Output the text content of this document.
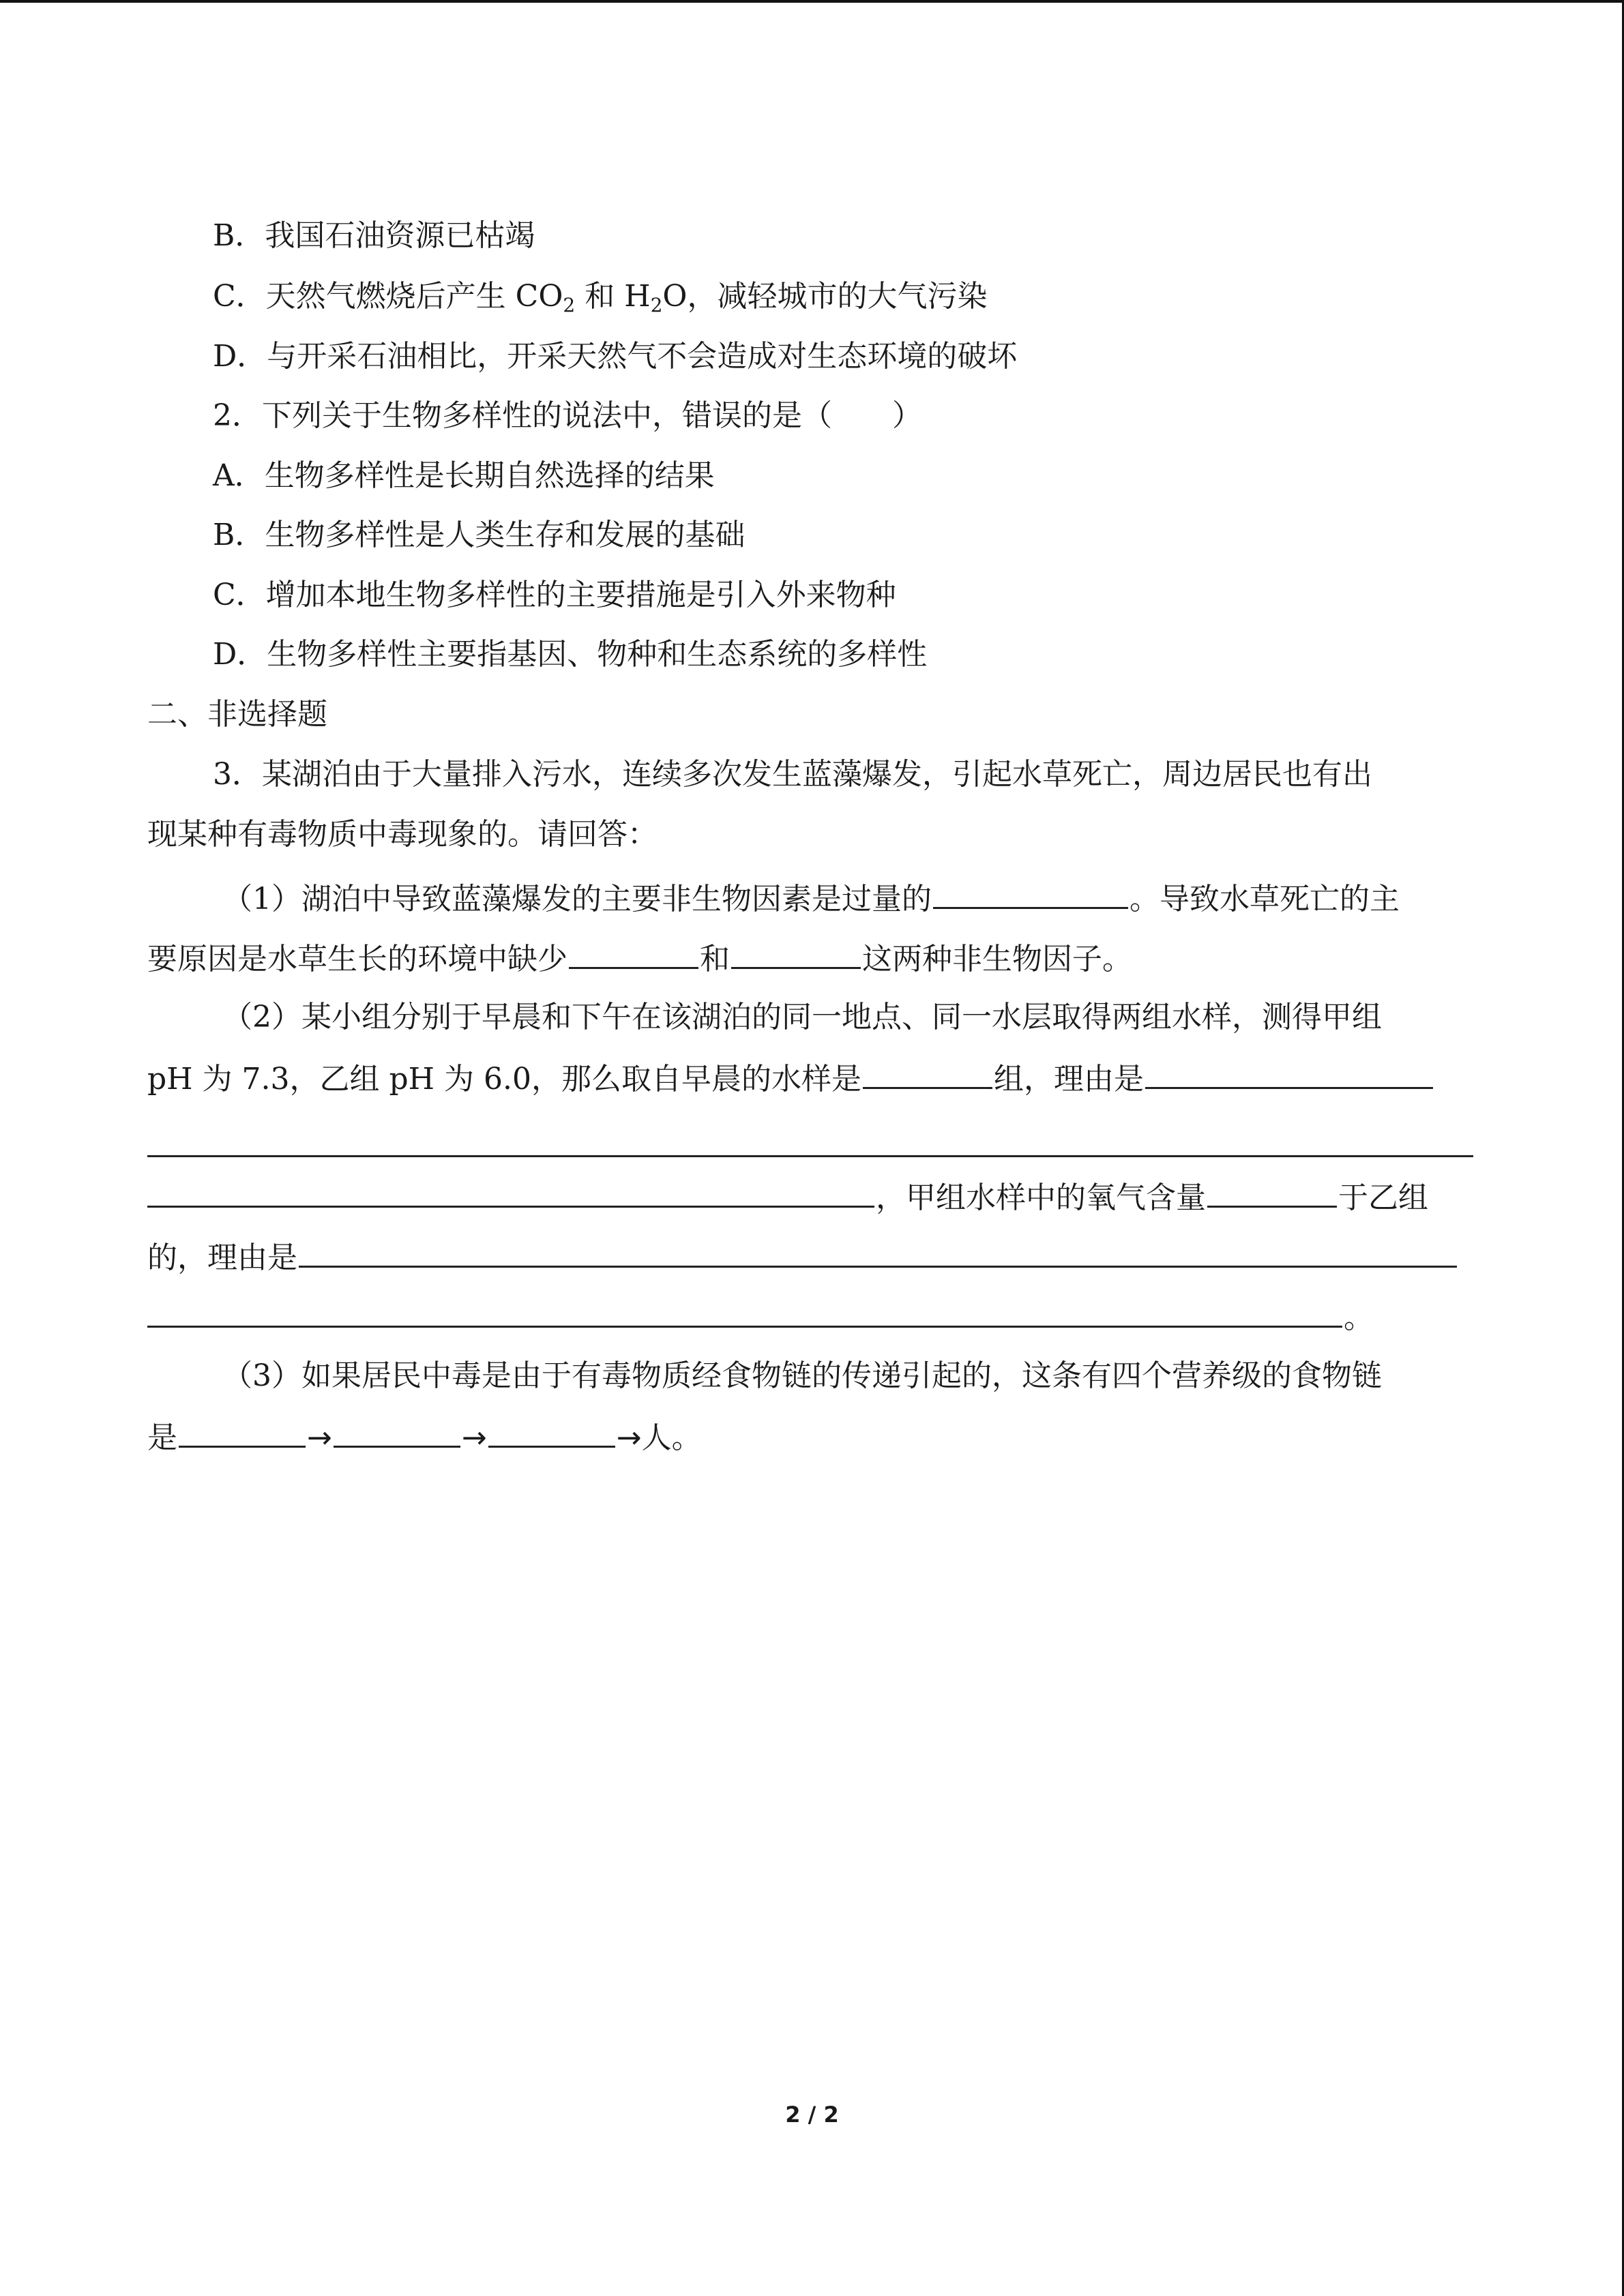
B．我国石油资源已枯竭
C．天然气燃烧后产生 $CO_2$ 和 $H_2O$，减轻城市的大气污染
D．与开采石油相比，开采天然气不会造成对生态环境的破坏
2．下列关于生物多样性的说法中，错误的是（　　）
A．生物多样性是长期自然选择的结果
B．生物多样性是人类生存和发展的基础
C．增加本地生物多样性的主要措施是引入外来物种
D．生物多样性主要指基因、物种和生态系统的多样性
二、非选择题
3．某湖泊由于大量排入污水，连续多次发生蓝藻爆发，引起水草死亡，周边居民也有出
现某种有毒物质中毒现象的。请回答：
（1）湖泊中导致蓝藻爆发的主要非生物因素是过量的	。导致水草死亡的主
要原因是水草生长的环境中缺少	和	这两种非生物因子。
（2）某小组分别于早晨和下午在该湖泊的同一地点、同一水层取得两组水样，测得甲组
pH 为 7.3，乙组 pH 为 6.0，那么取自早晨的水样是	组，理由是
，甲组水样中的氧气含量	于乙组
的，理由是
。
（3）如果居民中毒是由于有毒物质经食物链的传递引起的，这条有四个营养级的食物链
是	→	→	→人。
2 / 2
